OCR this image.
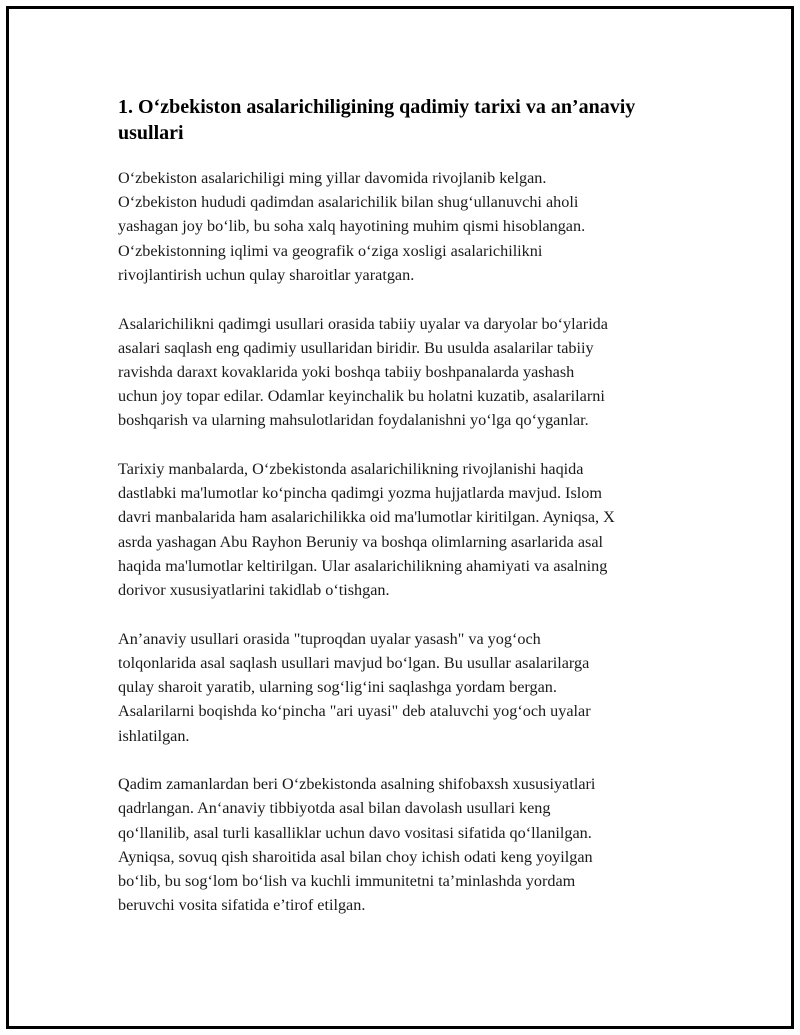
1. O‘zbekiston asalarichiligining qadimiy tarixi va an’anaviy
usullari

O‘zbekiston asalarichiligi ming yillar davomida rivojlanib kelgan.
O‘zbekiston hududi qadimdan asalarichilik bilan shug‘ullanuvchi aholi
yashagan joy bo‘lib, bu soha xalq hayotining muhim qismi hisoblangan.
O‘zbekistonning iqlimi va geografik o‘ziga xosligi asalarichilikni
rivojlantirish uchun qulay sharoitlar yaratgan.

Asalarichilikni qadimgi usullari orasida tabiiy uyalar va daryolar bo‘ylarida
asalari saqlash eng qadimiy usullaridan biridir. Bu usulda asalarilar tabiiy
ravishda daraxt kovaklarida yoki boshqa tabiiy boshpanalarda yashash
uchun joy topar edilar. Odamlar keyinchalik bu holatni kuzatib, asalarilarni
boshqarish va ularning mahsulotlaridan foydalanishni yo‘lga qo‘yganlar.

Tarixiy manbalarda, O‘zbekistonda asalarichilikning rivojlanishi haqida
dastlabki ma'lumotlar ko‘pincha qadimgi yozma hujjatlarda mavjud. Islom
davri manbalarida ham asalarichilikka oid ma'lumotlar kiritilgan. Ayniqsa, X
asrda yashagan Abu Rayhon Beruniy va boshqa olimlarning asarlarida asal
haqida ma'lumotlar keltirilgan. Ular asalarichilikning ahamiyati va asalning
dorivor xususiyatlarini takidlab o‘tishgan.

An’anaviy usullari orasida "tuproqdan uyalar yasash" va yog‘och
tolqonlarida asal saqlash usullari mavjud bo‘lgan. Bu usullar asalarilarga
qulay sharoit yaratib, ularning sog‘lig‘ini saqlashga yordam bergan.
Asalarilarni boqishda ko‘pincha "ari uyasi" deb ataluvchi yog‘och uyalar
ishlatilgan.

Qadim zamanlardan beri O‘zbekistonda asalning shifobaxsh xususiyatlari
qadrlangan. An‘anaviy tibbiyotda asal bilan davolash usullari keng
qo‘llanilib, asal turli kasalliklar uchun davo vositasi sifatida qo‘llanilgan.
Ayniqsa, sovuq qish sharoitida asal bilan choy ichish odati keng yoyilgan
bo‘lib, bu sog‘lom bo‘lish va kuchli immunitetni ta’minlashda yordam
beruvchi vosita sifatida e’tirof etilgan.
